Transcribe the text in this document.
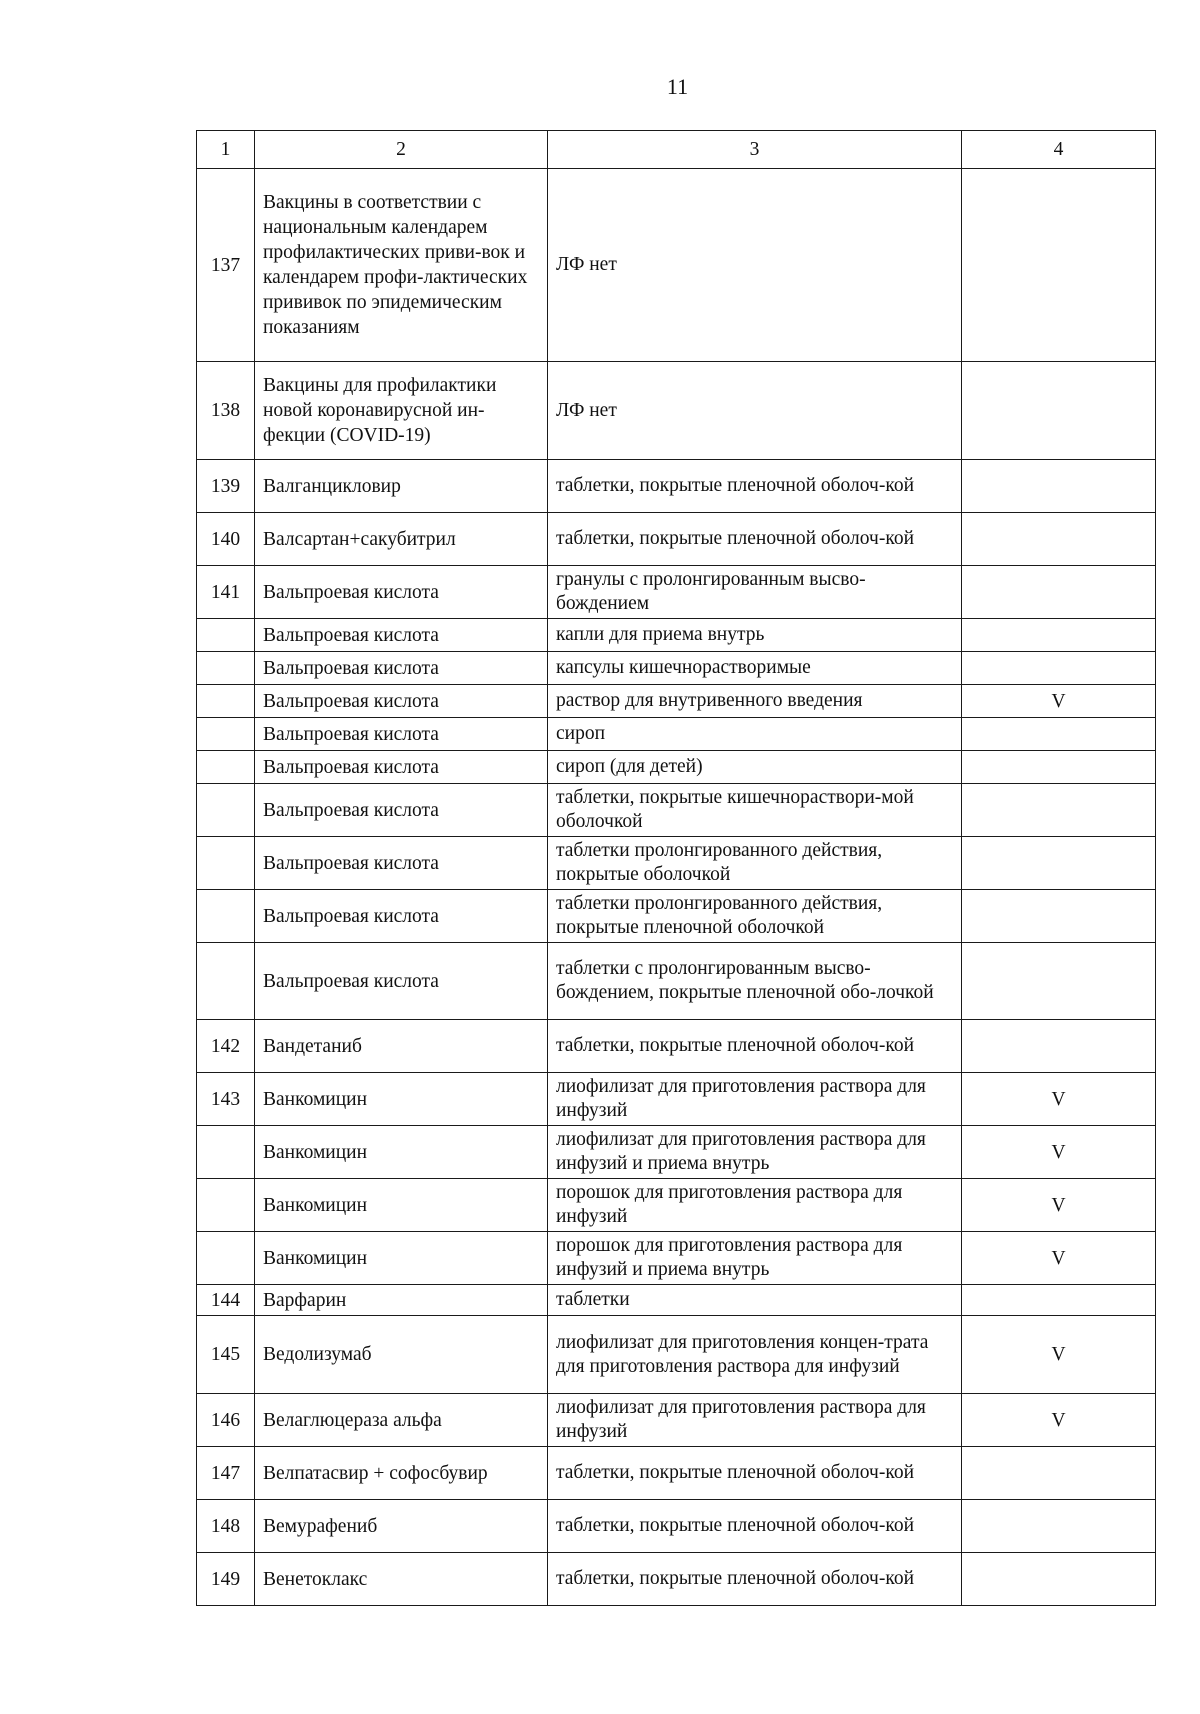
11
1	2	3	4
137	Вакцины в соответствии с национальным календарем профилактических приви-вок и календарем профи-лактических прививок по эпидемическим показаниям	ЛФ нет	
138	Вакцины для профилактики новой коронавирусной ин-фекции (COVID-19)	ЛФ нет	
139	Валганцикловир	таблетки, покрытые пленочной оболоч-кой	
140	Валсартан+сакубитрил	таблетки, покрытые пленочной оболоч-кой	
141	Вальпроевая кислота	гранулы с пролонгированным высво-бождением	
	Вальпроевая кислота	капли для приема внутрь	
	Вальпроевая кислота	капсулы кишечнорастворимые	
	Вальпроевая кислота	раствор для внутривенного введения	V
	Вальпроевая кислота	сироп	
	Вальпроевая кислота	сироп (для детей)	
	Вальпроевая кислота	таблетки, покрытые кишечнораствори-мой оболочкой	
	Вальпроевая кислота	таблетки пролонгированного действия, покрытые оболочкой	
	Вальпроевая кислота	таблетки пролонгированного действия, покрытые пленочной оболочкой	
	Вальпроевая кислота	таблетки с пролонгированным высво-бождением, покрытые пленочной обо-лочкой	
142	Вандетаниб	таблетки, покрытые пленочной оболоч-кой	
143	Ванкомицин	лиофилизат для приготовления раствора для инфузий	V
	Ванкомицин	лиофилизат для приготовления раствора для инфузий и приема внутрь	V
	Ванкомицин	порошок для приготовления раствора для инфузий	V
	Ванкомицин	порошок для приготовления раствора для инфузий и приема внутрь	V
144	Варфарин	таблетки	
145	Ведолизумаб	лиофилизат для приготовления концен-трата для приготовления раствора для инфузий	V
146	Велаглюцераза альфа	лиофилизат для приготовления раствора для инфузий	V
147	Велпатасвир + софосбувир	таблетки, покрытые пленочной оболоч-кой	
148	Вемурафениб	таблетки, покрытые пленочной оболоч-кой	
149	Венетоклакс	таблетки, покрытые пленочной оболоч-кой	
